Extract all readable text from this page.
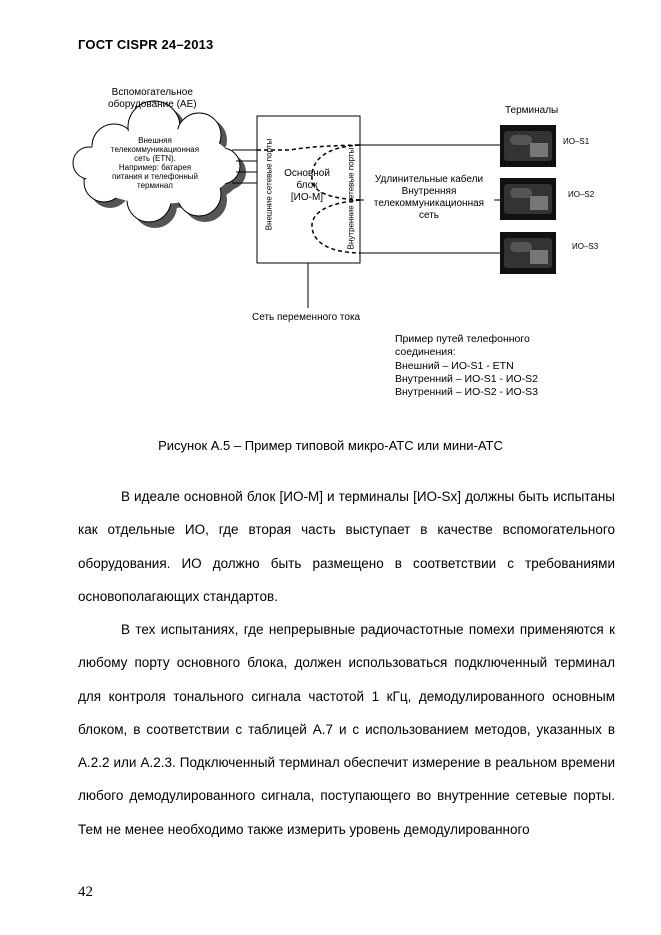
ГОСТ CISPR 24–2013
Вспомогательное
оборудование (АЕ)
Внешняя
телекоммуникационная
сеть (ETN).
Например: батарея
питания и телефонный
терминал
Терминалы
Внешние сетевые порты	Внутренние сетевые порты
Основной
блок
[ИО-М]
Удлинительные кабели
Внутренняя
телекоммуникационная
сеть
ИО–S1
ИО–S2
ИО–S3
Сеть переменного тока
Пример путей телефонного
соединения:
Внешний – ИО-S1 - ETN
Внутренний – ИО-S1 - ИО-S2
Внутренний – ИО-S2 - ИО-S3
Рисунок А.5 – Пример типовой микро-АТС или мини-АТС

В идеале основной блок [ИО-М] и терминалы [ИО-Sx] должны быть испытаны как отдельные ИО, где вторая часть выступает в качестве вспомогательного оборудования. ИО должно быть размещено в соответствии с требованиями основополагающих стандартов.

В тех испытаниях, где непрерывные радиочастотные помехи применяются к любому порту основного блока, должен использоваться подключенный терминал для контроля тонального сигнала частотой 1 кГц, демодулированного основным блоком, в соответствии с таблицей А.7 и с использованием методов, указанных в А.2.2 или А.2.3. Подключенный терминал обеспечит измерение в реальном времени любого демодулированного сигнала, поступающего во внутренние сетевые порты. Тем не менее необходимо также измерить уровень демодулированного

42
